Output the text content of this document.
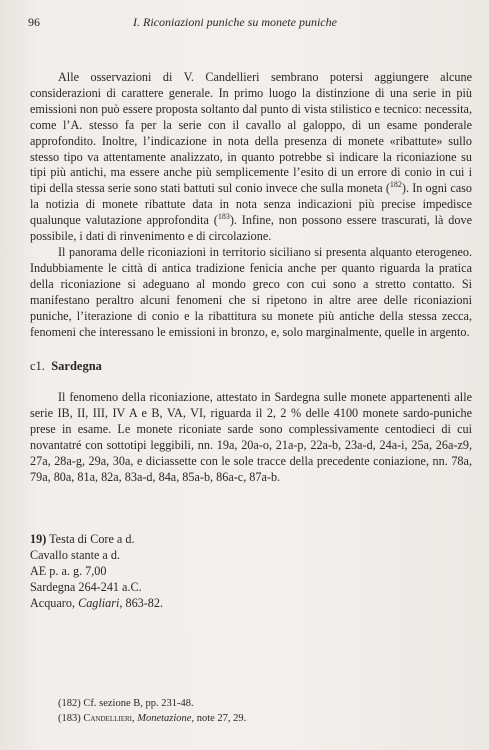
96	I. Riconiazioni puniche su monete puniche

Alle osservazioni di V. Candellieri sembrano potersi aggiungere alcune considerazioni di carattere generale. In primo luogo la distinzione di una serie in più emissioni non può essere proposta soltanto dal punto di vista stilistico e tecnico: necessita, come l’A. stesso fa per la serie con il cavallo al galoppo, di un esame ponderale approfondito. Inoltre, l’indicazione in nota della presenza di monete «ribattute» sullo stesso tipo va attentamente analizzato, in quanto potrebbe sì indicare la riconiazione su tipi più antichi, ma essere anche più semplicemente l’esito di un errore di conio in cui i tipi della stessa serie sono stati battuti sul conio invece che sulla moneta ($^{182}$). In ogni caso la notizia di monete ribattute data in nota senza indicazioni più precise impedisce qualunque valutazione approfondita ($^{183}$). Infine, non possono essere trascurati, là dove possibile, i dati di rinvenimento e di circolazione.

Il panorama delle riconiazioni in territorio siciliano si presenta alquanto eterogeneo. Indubbiamente le città di antica tradizione fenicia anche per quanto riguarda la pratica della riconiazione si adeguano al mondo greco con cui sono a stretto contatto. Si manifestano peraltro alcuni fenomeni che si ripetono in altre aree delle riconiazioni puniche, l’iterazione di conio e la ribattitura su monete più antiche della stessa zecca, fenomeni che interessano le emissioni in bronzo, e, solo marginalmente, quelle in argento.

c1. Sardegna

Il fenomeno della riconiazione, attestato in Sardegna sulle monete appartenenti alle serie IB, II, III, IV A e B, VA, VI, riguarda il 2, 2 % delle 4100 monete sardo-puniche prese in esame. Le monete riconiate sarde sono complessivamente centodieci di cui novantatré con sottotipi leggibili, nn. 19a, 20a-o, 21a-p, 22a-b, 23a-d, 24a-i, 25a, 26a-z9, 27a, 28a-g, 29a, 30a, e diciassette con le sole tracce della precedente coniazione, nn. 78a, 79a, 80a, 81a, 82a, 83a-d, 84a, 85a-b, 86a-c, 87a-b.

19) Testa di Core a d.
Cavallo stante a d.
AE p. a. g. 7,00
Sardegna 264-241 a.C.
Acquaro, Cagliari, 863-82.
(182) Cf. sezione B, pp. 231-48.
(183) Candellieri, Monetazione, note 27, 29.
